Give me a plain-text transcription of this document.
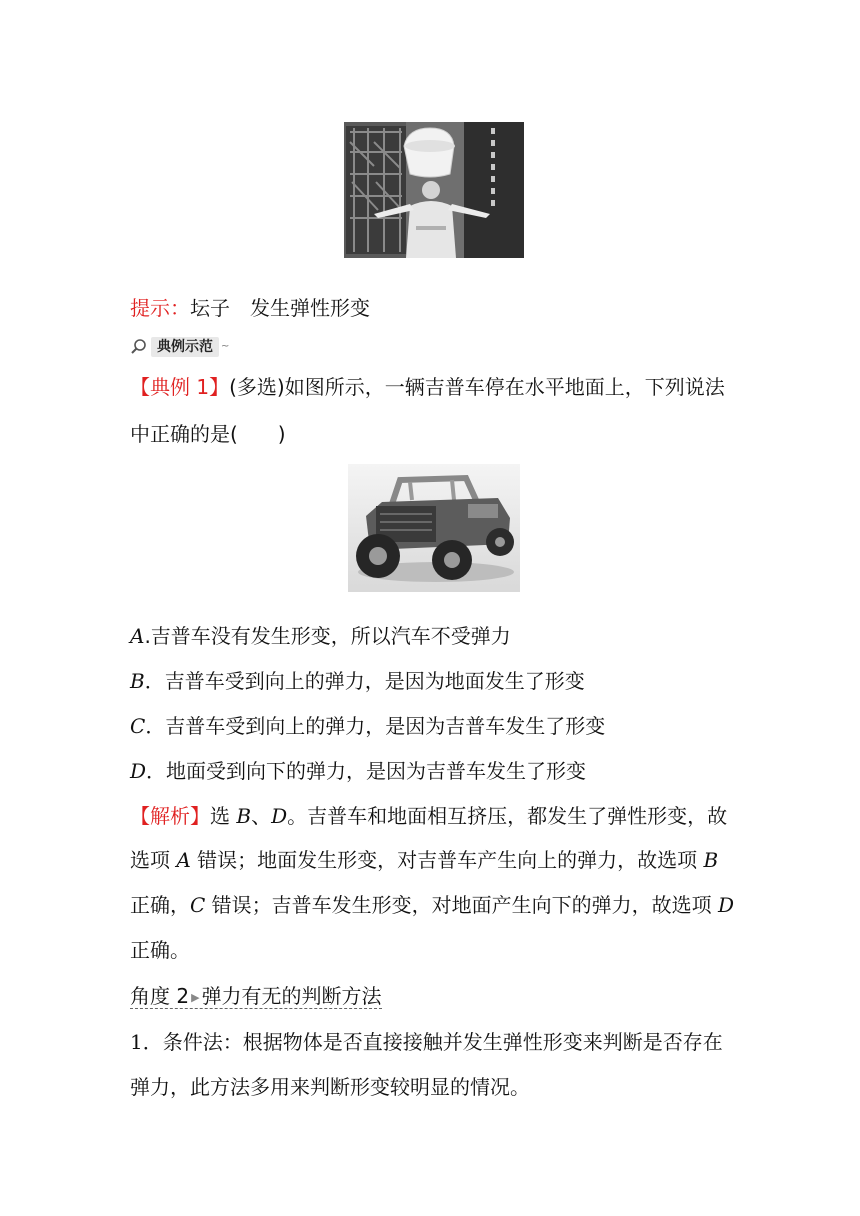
提示：坛子　发生弹性形变
典例示范 ~
【典例 1】(多选)如图所示，一辆吉普车停在水平地面上，下列说法
中正确的是(　　)
A.吉普车没有发生形变，所以汽车不受弹力
B．吉普车受到向上的弹力，是因为地面发生了形变
C．吉普车受到向上的弹力，是因为吉普车发生了形变
D．地面受到向下的弹力，是因为吉普车发生了形变
【解析】选 B、D。吉普车和地面相互挤压，都发生了弹性形变，故
选项 A 错误；地面发生形变，对吉普车产生向上的弹力，故选项 B
正确，C 错误；吉普车发生形变，对地面产生向下的弹力，故选项 D
正确。
角度 2 ▶ 弹力有无的判断方法
1．条件法：根据物体是否直接接触并发生弹性形变来判断是否存在
弹力，此方法多用来判断形变较明显的情况。
